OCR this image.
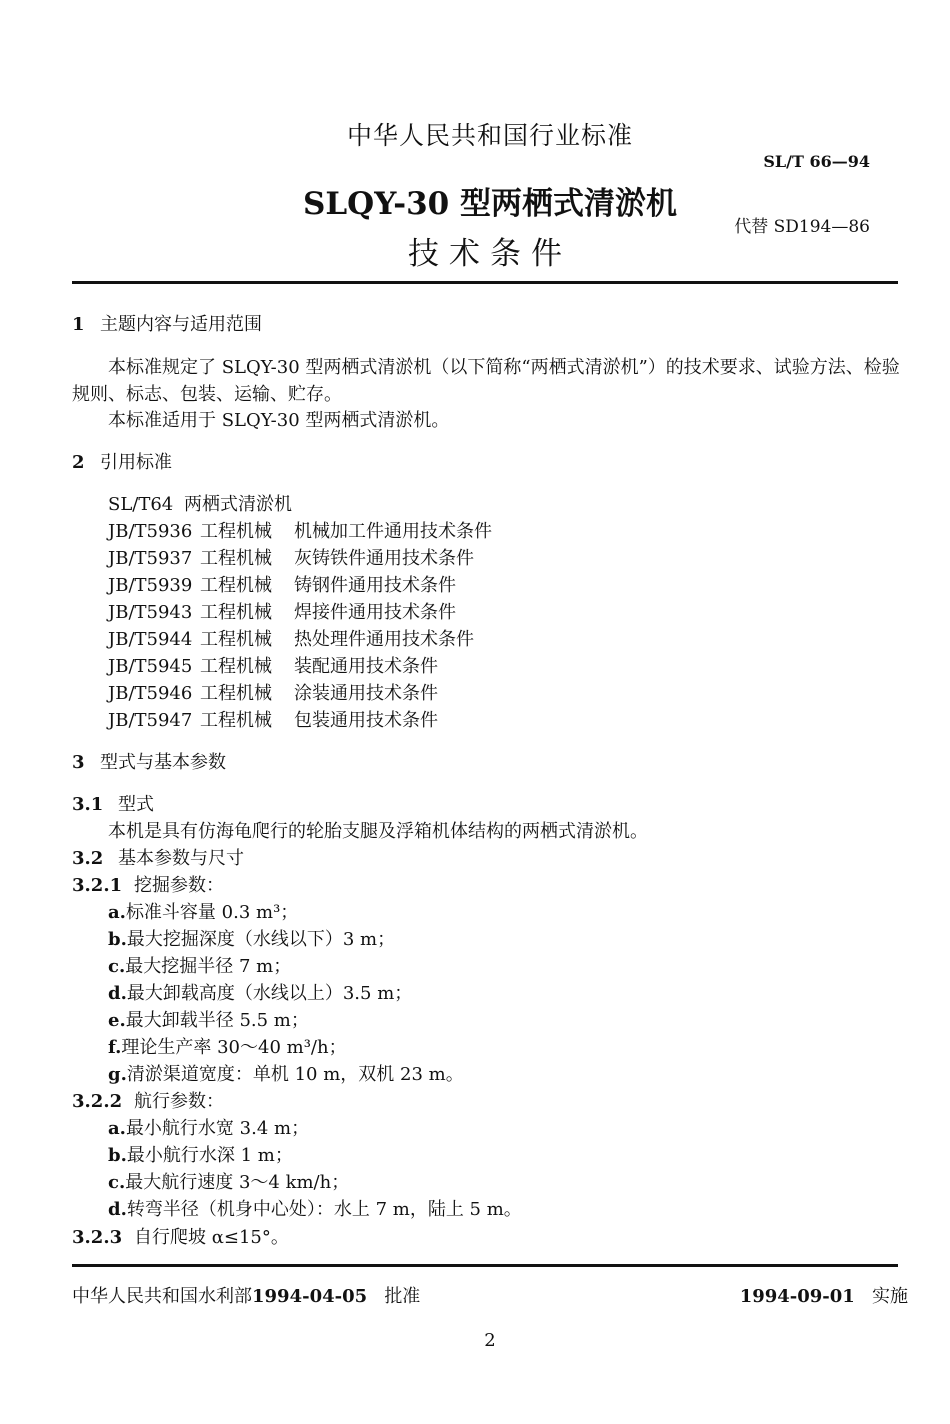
中华人民共和国行业标准
SL/T 66—94
SLQY-30 型两栖式清淤机
技术条件
代替 SD194—86
1 主题内容与适用范围
本标准规定了 SLQY-30 型两栖式清淤机（以下简称“两栖式清淤机”）的技术要求、试验方法、检验规则、标志、包装、运输、贮存。
本标准适用于 SLQY-30 型两栖式清淤机。
2 引用标准
SL/T64 两栖式清淤机
JB/T5936 工程机械 机械加工件通用技术条件
JB/T5937 工程机械 灰铸铁件通用技术条件
JB/T5939 工程机械 铸钢件通用技术条件
JB/T5943 工程机械 焊接件通用技术条件
JB/T5944 工程机械 热处理件通用技术条件
JB/T5945 工程机械 装配通用技术条件
JB/T5946 工程机械 涂装通用技术条件
JB/T5947 工程机械 包装通用技术条件
3 型式与基本参数
3.1 型式
本机是具有仿海龟爬行的轮胎支腿及浮箱机体结构的两栖式清淤机。
3.2 基本参数与尺寸
3.2.1 挖掘参数：
a.标准斗容量 0.3 m³；
b.最大挖掘深度（水线以下）3 m；
c.最大挖掘半径 7 m；
d.最大卸载高度（水线以上）3.5 m；
e.最大卸载半径 5.5 m；
f.理论生产率 30～40 m³/h；
g.清淤渠道宽度：单机 10 m，双机 23 m。
3.2.2 航行参数：
a.最小航行水宽 3.4 m；
b.最小航行水深 1 m；
c.最大航行速度 3～4 km/h；
d.转弯半径（机身中心处）：水上 7 m，陆上 5 m。
3.2.3 自行爬坡 α≤15°。
中华人民共和国水利部1994-04-05 批准	1994-09-01 实施
2
